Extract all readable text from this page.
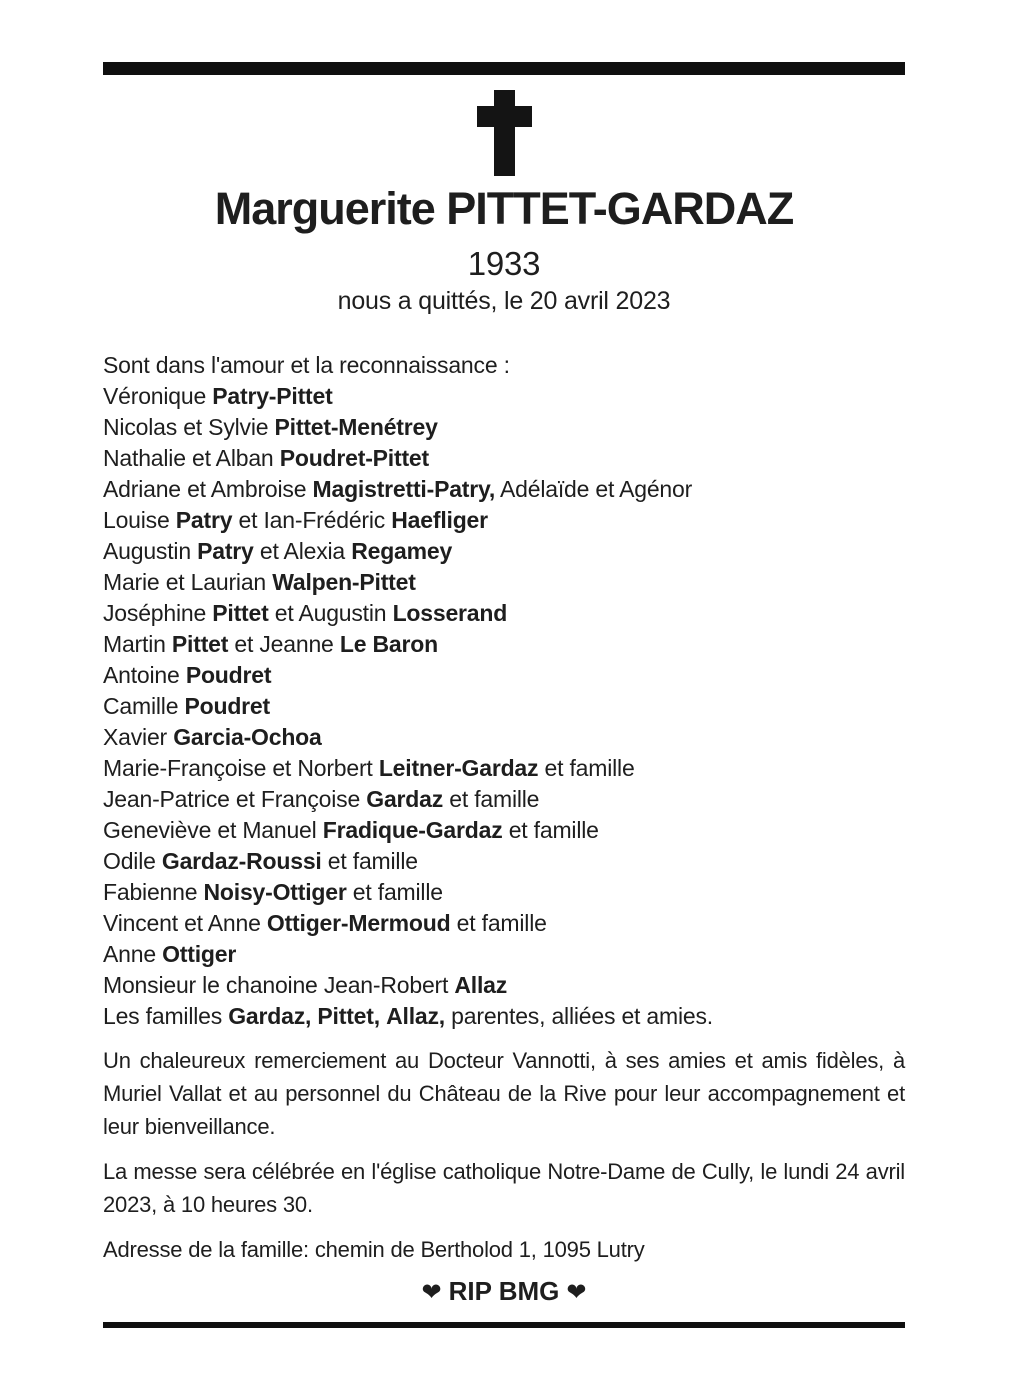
Marguerite PITTET-GARDAZ
1933
nous a quittés, le 20 avril 2023
Sont dans l'amour et la reconnaissance :
Véronique Patry-Pittet
Nicolas et Sylvie Pittet-Menétrey
Nathalie et Alban Poudret-Pittet
Adriane et Ambroise Magistretti-Patry, Adélaïde et Agénor
Louise Patry et Ian-Frédéric Haefliger
Augustin Patry et Alexia Regamey
Marie et Laurian Walpen-Pittet
Joséphine Pittet et Augustin Losserand
Martin Pittet et Jeanne Le Baron
Antoine Poudret
Camille Poudret
Xavier Garcia-Ochoa
Marie-Françoise et Norbert Leitner-Gardaz et famille
Jean-Patrice et Françoise Gardaz et famille
Geneviève et Manuel Fradique-Gardaz et famille
Odile Gardaz-Roussi et famille
Fabienne Noisy-Ottiger et famille
Vincent et Anne Ottiger-Mermoud et famille
Anne Ottiger
Monsieur le chanoine Jean-Robert Allaz
Les familles Gardaz, Pittet, Allaz, parentes, alliées et amies.

Un chaleureux remerciement au Docteur Vannotti, à ses amies et amis fidèles, à Muriel Vallat et au personnel du Château de la Rive pour leur accompagnement et leur bienveillance.

La messe sera célébrée en l'église catholique Notre-Dame de Cully, le lundi 24 avril 2023, à 10 heures 30.

Adresse de la famille: chemin de Bertholod 1, 1095 Lutry

❤ RIP BMG ❤
